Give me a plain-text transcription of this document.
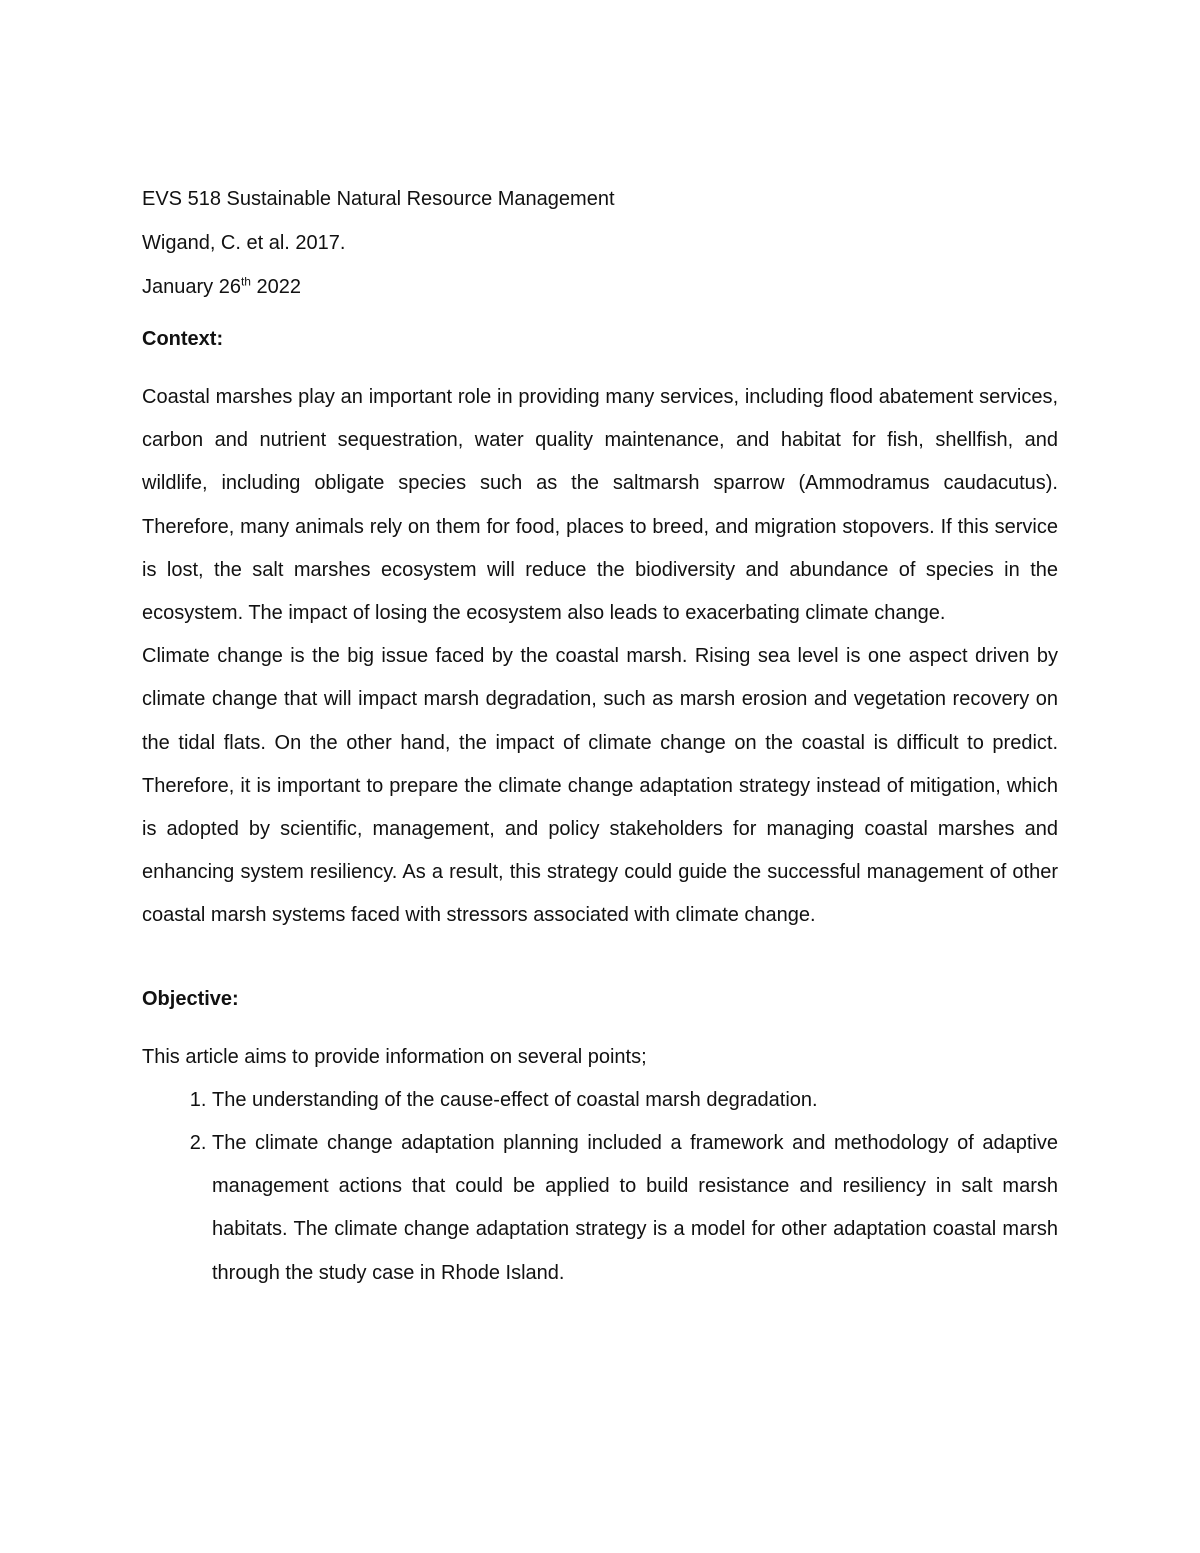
EVS 518 Sustainable Natural Resource Management

Wigand, C. et al. 2017.

January 26th 2022

Context:

Coastal marshes play an important role in providing many services, including flood abatement services, carbon and nutrient sequestration, water quality maintenance, and habitat for fish, shellfish, and wildlife, including obligate species such as the saltmarsh sparrow (Ammodramus caudacutus). Therefore, many animals rely on them for food, places to breed, and migration stopovers. If this service is lost, the salt marshes ecosystem will reduce the biodiversity and abundance of species in the ecosystem. The impact of losing the ecosystem also leads to exacerbating climate change.

Climate change is the big issue faced by the coastal marsh. Rising sea level is one aspect driven by climate change that will impact marsh degradation, such as marsh erosion and vegetation recovery on the tidal flats. On the other hand, the impact of climate change on the coastal is difficult to predict. Therefore, it is important to prepare the climate change adaptation strategy instead of mitigation, which is adopted by scientific, management, and policy stakeholders for managing coastal marshes and enhancing system resiliency. As a result, this strategy could guide the successful management of other coastal marsh systems faced with stressors associated with climate change.

Objective:

This article aims to provide information on several points;

1. The understanding of the cause-effect of coastal marsh degradation.
2. The climate change adaptation planning included a framework and methodology of adaptive management actions that could be applied to build resistance and resiliency in salt marsh habitats. The climate change adaptation strategy is a model for other adaptation coastal marsh through the study case in Rhode Island.
